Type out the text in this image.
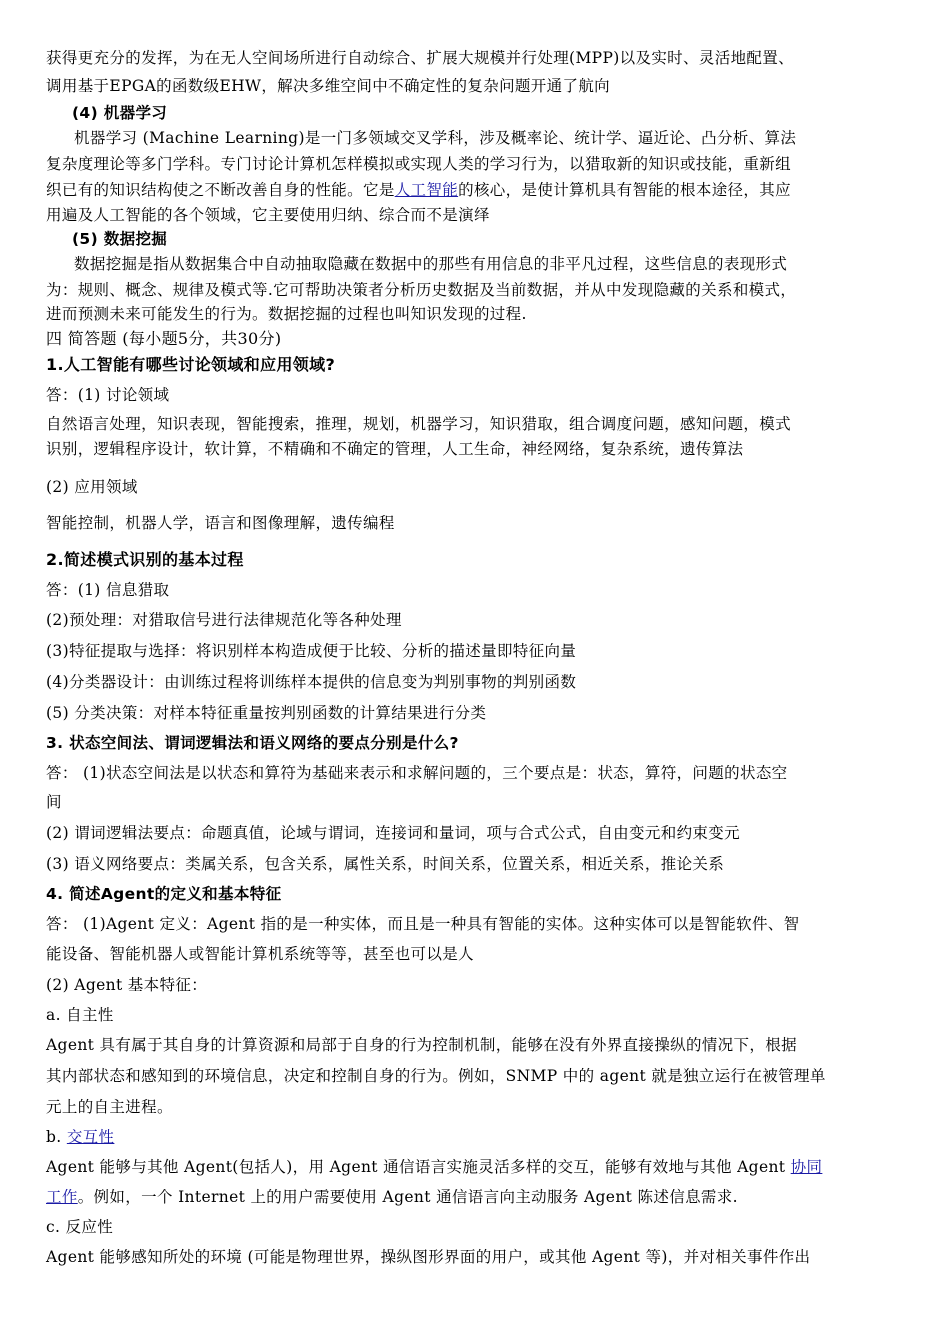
获得更充分的发挥，为在无人空间场所进行自动综合、扩展大规模并行处理(MPP)以及实时、灵活地配置、
调用基于EPGA的函数级EHW，解决多维空间中不确定性的复杂问题开通了航向
(4) 机器学习
机器学习 (Machine Learning)是一门多领域交叉学科，涉及概率论、统计学、逼近论、凸分析、算法
复杂度理论等多门学科。专门讨论计算机怎样模拟或实现人类的学习行为，以猎取新的知识或技能，重新组
织已有的知识结构使之不断改善自身的性能。它是人工智能的核心，是使计算机具有智能的根本途径，其应
用遍及人工智能的各个领域，它主要使用归纳、综合而不是演绎
(5) 数据挖掘
数据挖掘是指从数据集合中自动抽取隐藏在数据中的那些有用信息的非平凡过程，这些信息的表现形式
为：规则、概念、规律及模式等.它可帮助决策者分析历史数据及当前数据，并从中发现隐藏的关系和模式，
进而预测未来可能发生的行为。数据挖掘的过程也叫知识发现的过程.
四 简答题 (每小题5分，共30分)
1.人工智能有哪些讨论领域和应用领域?
答：(1) 讨论领域
自然语言处理，知识表现，智能搜索，推理，规划，机器学习，知识猎取，组合调度问题，感知问题，模式
识别，逻辑程序设计，软计算，不精确和不确定的管理，人工生命，神经网络，复杂系统，遗传算法
(2) 应用领域
智能控制，机器人学，语言和图像理解，遗传编程
2.简述模式识别的基本过程
答：(1) 信息猎取
(2)预处理：对猎取信号进行法律规范化等各种处理
(3)特征提取与选择：将识别样本构造成便于比较、分析的描述量即特征向量
(4)分类器设计：由训练过程将训练样本提供的信息变为判别事物的判别函数
(5) 分类决策：对样本特征重量按判别函数的计算结果进行分类
3. 状态空间法、谓词逻辑法和语义网络的要点分别是什么?
答： (1)状态空间法是以状态和算符为基础来表示和求解问题的，三个要点是：状态，算符，问题的状态空
间
(2) 谓词逻辑法要点：命题真值，论域与谓词，连接词和量词，项与合式公式，自由变元和约束变元
(3) 语义网络要点：类属关系，包含关系，属性关系，时间关系，位置关系，相近关系，推论关系
4. 简述Agent的定义和基本特征
答： (1)Agent 定义：Agent 指的是一种实体，而且是一种具有智能的实体。这种实体可以是智能软件、智
能设备、智能机器人或智能计算机系统等等，甚至也可以是人
(2) Agent 基本特征：
a. 自主性
Agent 具有属于其自身的计算资源和局部于自身的行为控制机制，能够在没有外界直接操纵的情况下，根据
其内部状态和感知到的环境信息，决定和控制自身的行为。例如，SNMP 中的 agent 就是独立运行在被管理单
元上的自主进程。
b. 交互性
Agent 能够与其他 Agent(包括人)，用 Agent 通信语言实施灵活多样的交互，能够有效地与其他 Agent 协同
工作。例如，一个 Internet 上的用户需要使用 Agent 通信语言向主动服务 Agent 陈述信息需求.
c. 反应性
Agent 能够感知所处的环境 (可能是物理世界，操纵图形界面的用户，或其他 Agent 等)，并对相关事件作出
